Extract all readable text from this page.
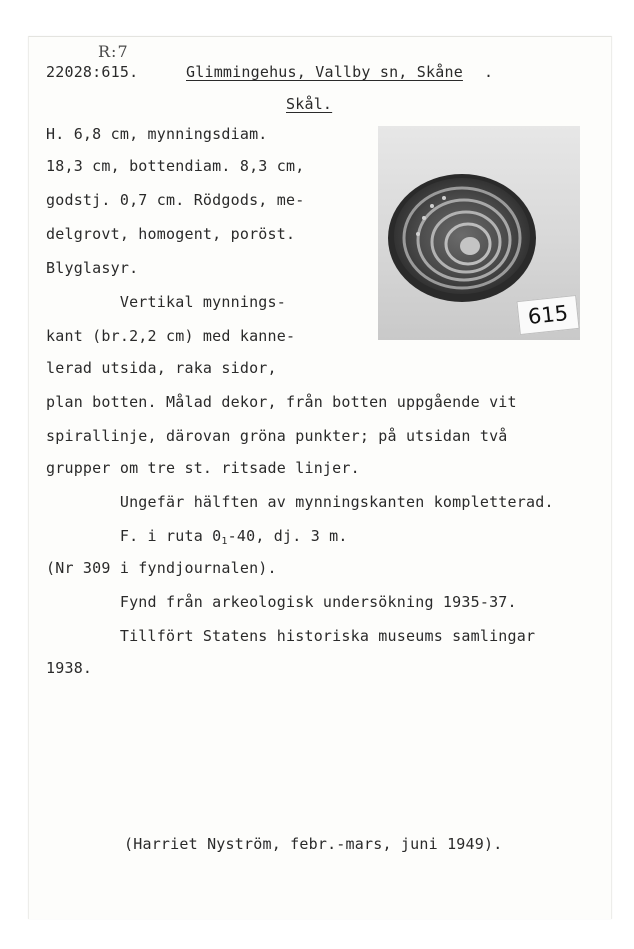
R:7
22028:615.	Glimmingehus, Vallby sn, Skåne .
Skål.
H. 6,8 cm, mynningsdiam.
18,3 cm, bottendiam. 8,3 cm,
godstj. 0,7 cm. Rödgods, me-
delgrovt, homogent, poröst.
Blyglasyr.
Vertikal mynnings-
kant (br.2,2 cm) med kanne-
lerad utsida, raka sidor,
plan botten. Målad dekor, från botten uppgående vit
spirallinje, därovan gröna punkter; på utsidan två
grupper om tre st. ritsade linjer.
Ungefär hälften av mynningskanten kompletterad.
F. i ruta $0_1-40$, dj. 3 m.
(Nr 309 i fyndjournalen).
Fynd från arkeologisk undersökning 1935-37.
Tillfört Statens historiska museums samlingar
1938.
615
(Harriet Nyström, febr.-mars, juni 1949).
